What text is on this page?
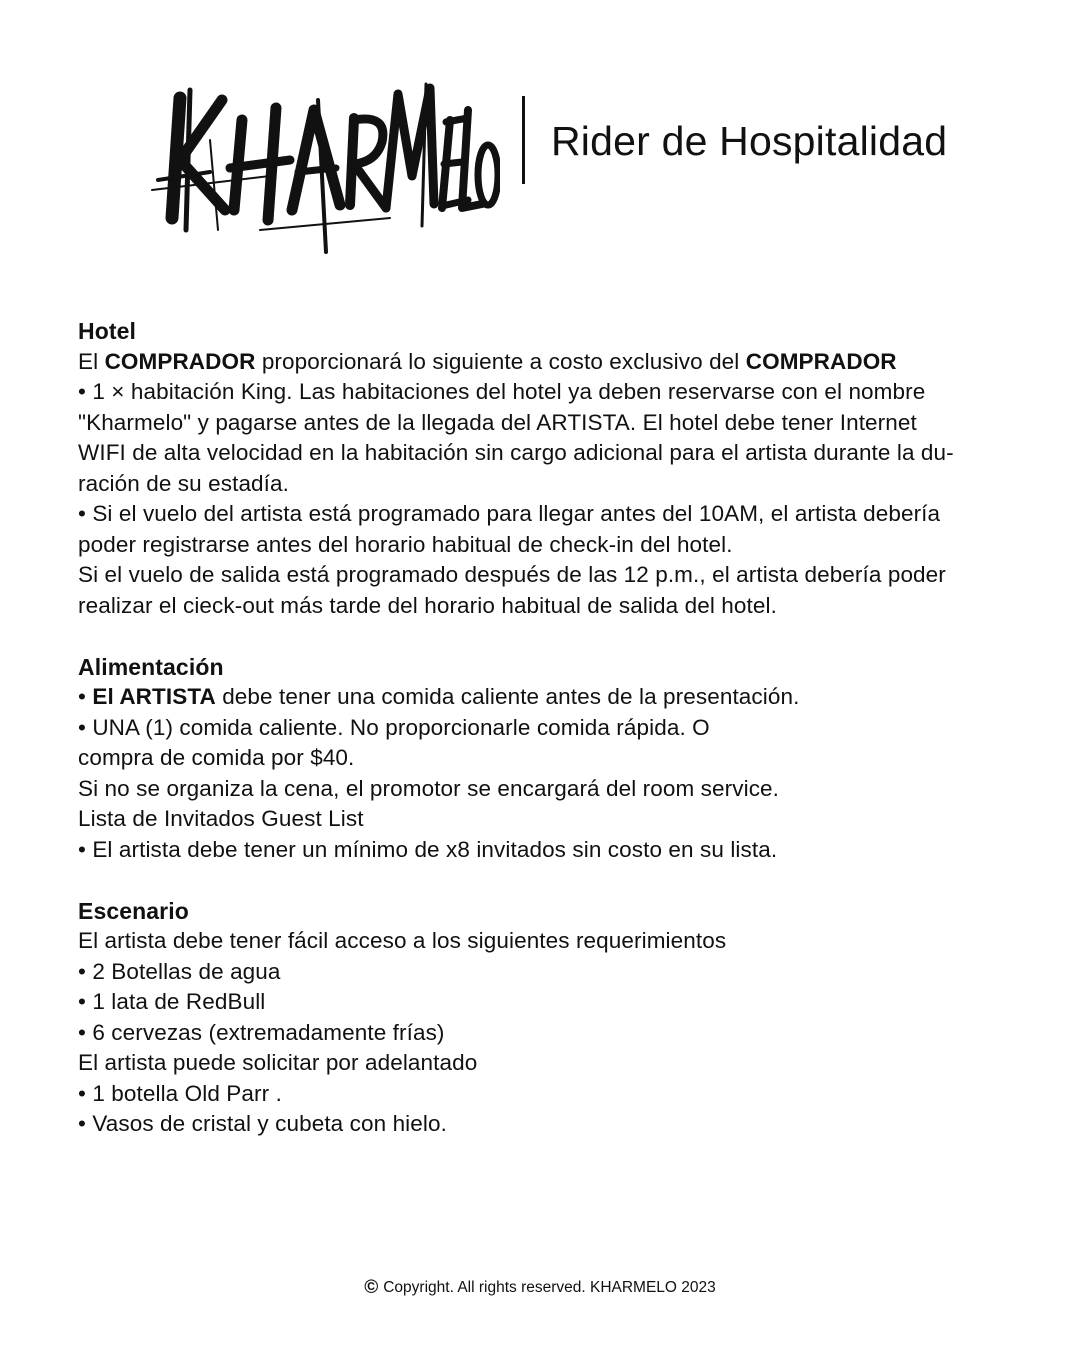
Rider de Hospitalidad

Hotel

El COMPRADOR proporcionará lo siguiente a costo exclusivo del COMPRADOR

• 1 × habitación King. Las habitaciones del hotel ya deben reservarse con el nombre

"Kharmelo" y pagarse antes de la llegada del ARTISTA. El hotel debe tener Internet

WIFI de alta velocidad en la habitación sin cargo adicional para el artista durante la du-

ración de su estadía.

• Si el vuelo del artista está programado para llegar antes del 10AM, el artista debería

poder registrarse antes del horario habitual de check-in del hotel.

Si el vuelo de salida está programado después de las 12 p.m., el artista debería poder

realizar el cieck-out más tarde del horario habitual de salida del hotel.

Alimentación

• El ARTISTA debe tener una comida caliente antes de la presentación.

• UNA (1) comida caliente. No proporcionarle comida rápida. O

compra de comida por $40.

Si no se organiza la cena, el promotor se encargará del room service.

Lista de Invitados Guest List

• El artista debe tener un mínimo de x8 invitados sin costo en su lista.

Escenario

El artista debe tener fácil acceso a los siguientes requerimientos

• 2 Botellas de agua

• 1 lata de RedBull

• 6 cervezas (extremadamente frías)

El artista puede solicitar por adelantado

• 1 botella Old Parr .

• Vasos de cristal y cubeta con hielo.

© Copyright. All rights reserved. KHARMELO 2023
